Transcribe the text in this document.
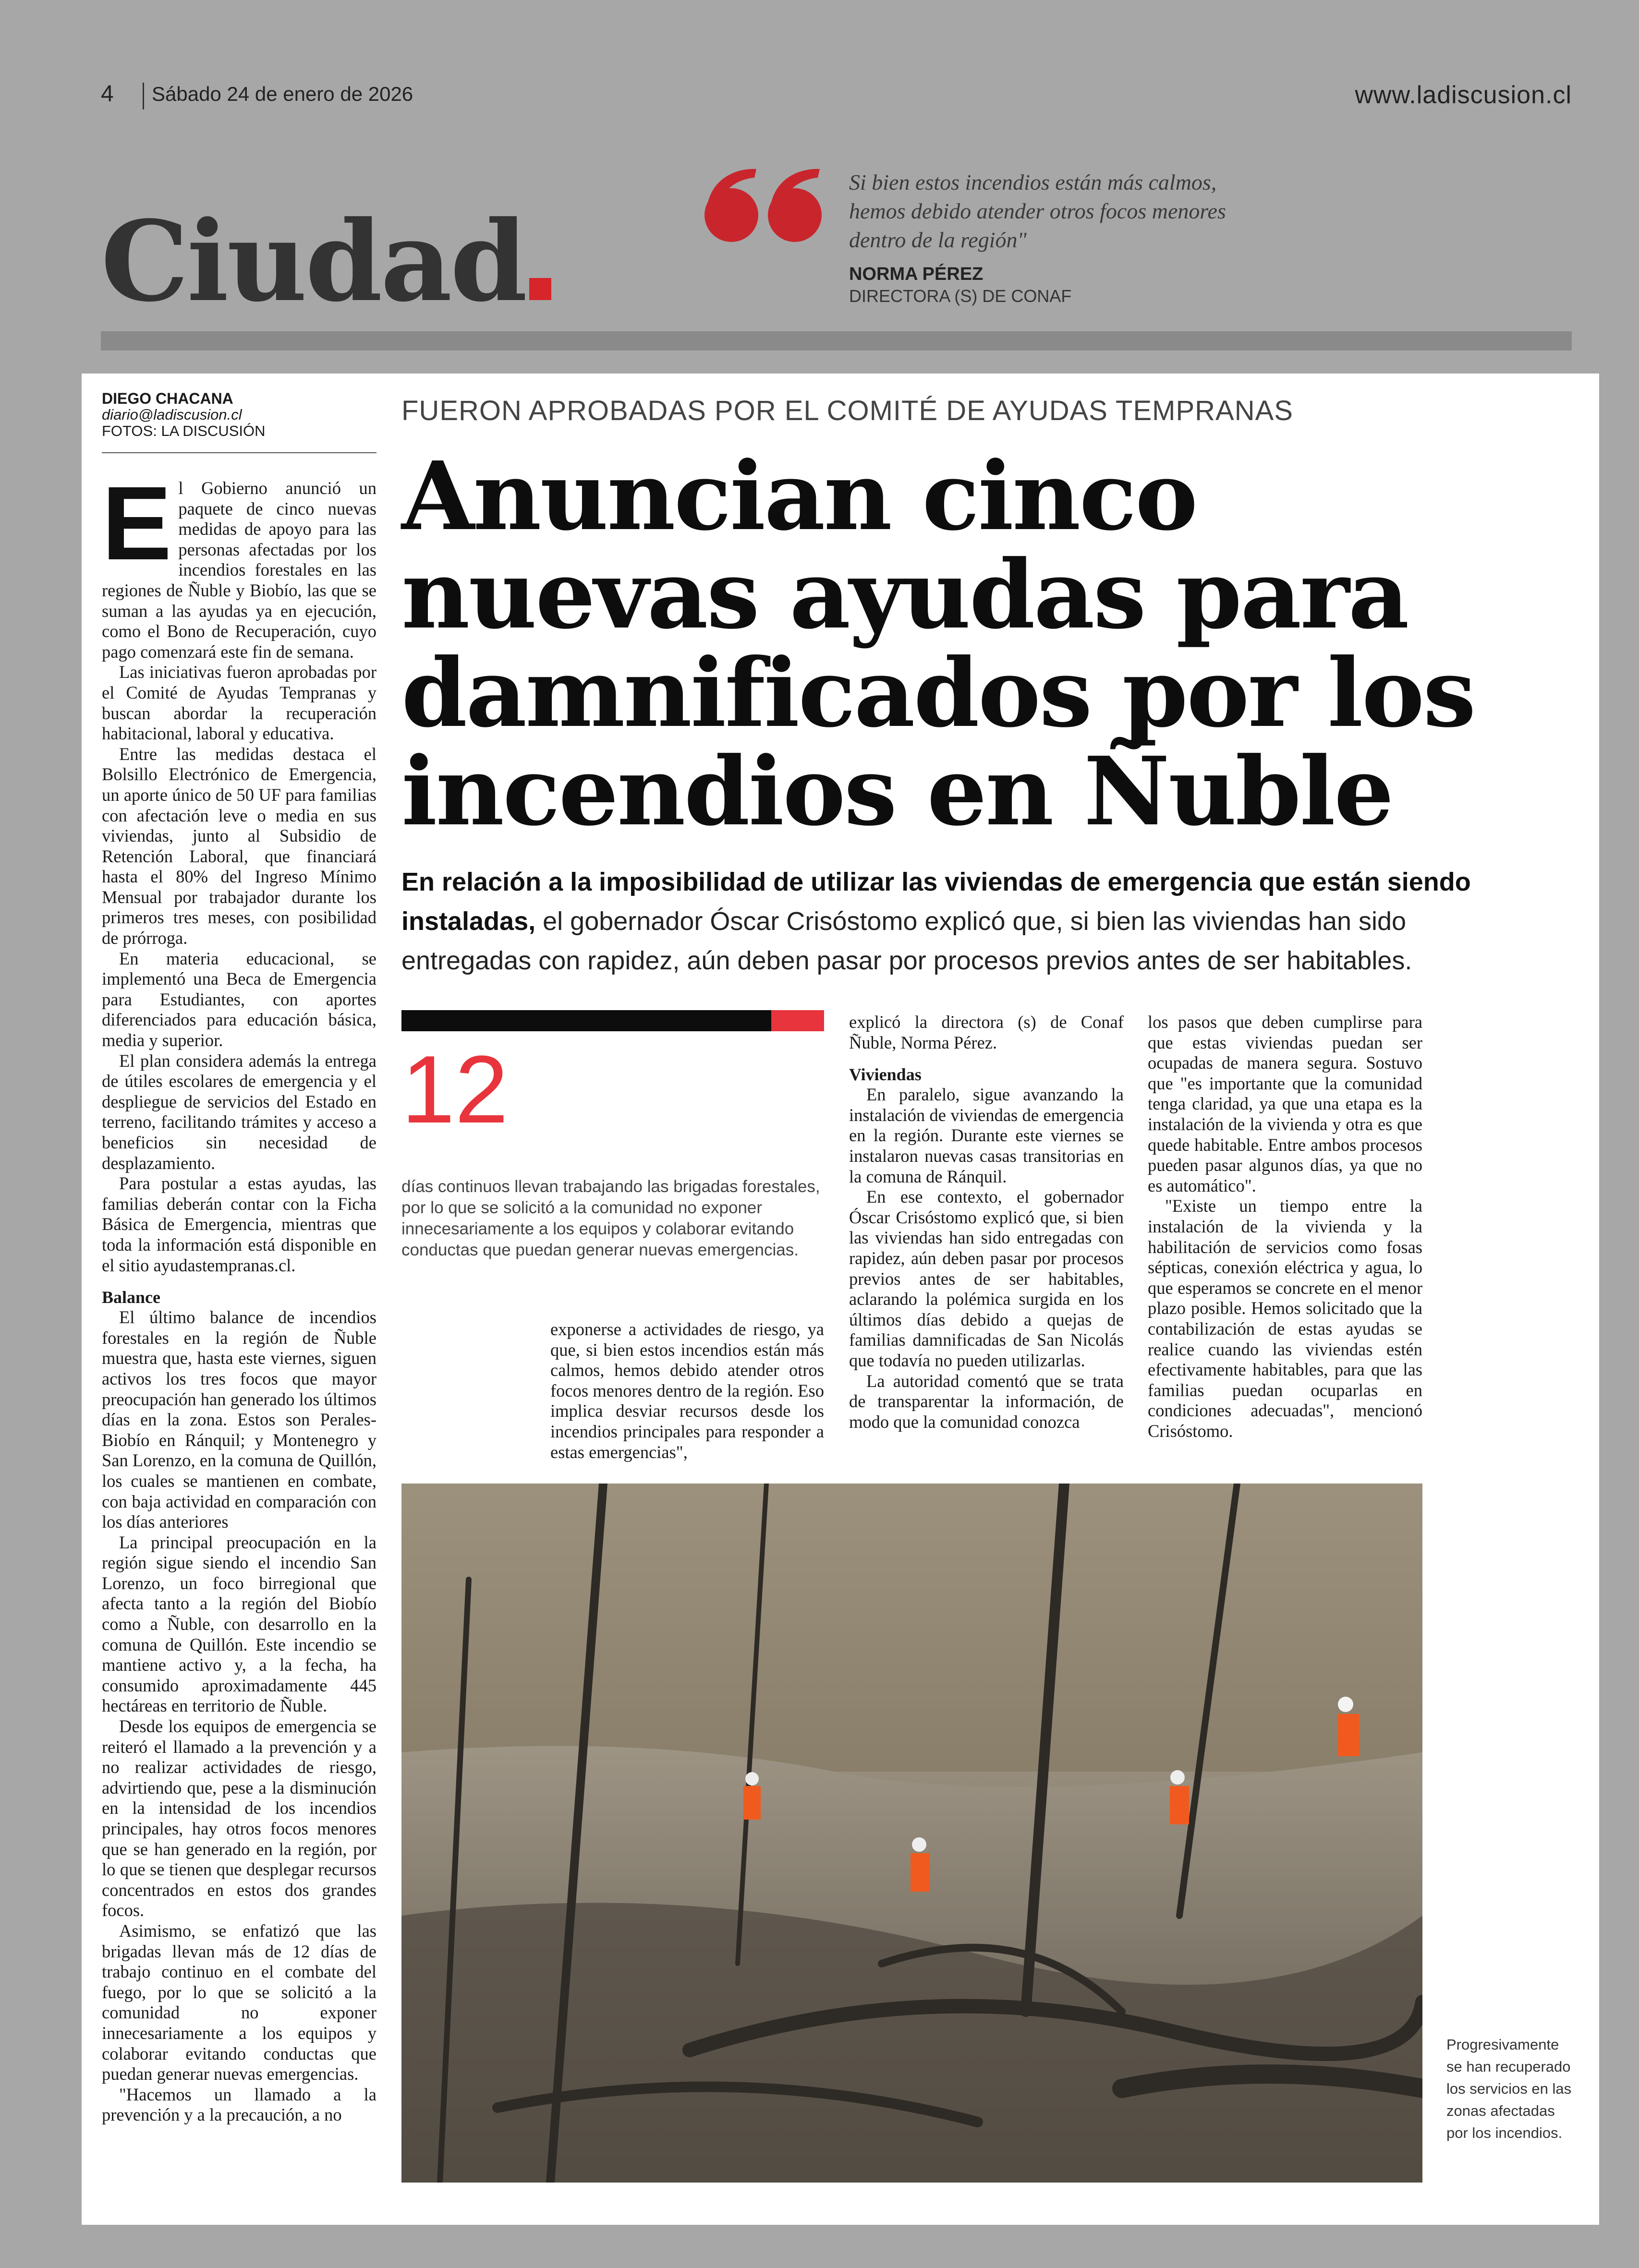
4 Sábado 24 de enero de 2026	www.ladiscusion.cl
Ciudad
Si bien estos incendios están más calmos, hemos debido atender otros focos menores dentro de la región"
NORMA PÉREZ
DIRECTORA (S) DE CONAF
DIEGO CHACANA
diario@ladiscusion.cl
FOTOS: LA DISCUSIÓN
E l Gobierno anunció un paquete de cinco nuevas medidas de apoyo para las personas afectadas por los incendios forestales en las regiones de Ñuble y Biobío, las que se suman a las ayudas ya en ejecución, como el Bono de Recuperación, cuyo pago comenzará este fin de semana.

Las iniciativas fueron aprobadas por el Comité de Ayudas Tempranas y buscan abordar la recuperación habitacional, laboral y educativa.

Entre las medidas destaca el Bolsillo Electrónico de Emergencia, un aporte único de 50 UF para familias con afectación leve o media en sus viviendas, junto al Subsidio de Retención Laboral, que financiará hasta el 80% del Ingreso Mínimo Mensual por trabajador durante los primeros tres meses, con posibilidad de prórroga.

En materia educacional, se implementó una Beca de Emergencia para Estudiantes, con aportes diferenciados para educación básica, media y superior.

El plan considera además la entrega de útiles escolares de emergencia y el despliegue de servicios del Estado en terreno, facilitando trámites y acceso a beneficios sin necesidad de desplazamiento.

Para postular a estas ayudas, las familias deberán contar con la Ficha Básica de Emergencia, mientras que toda la información está disponible en el sitio ayudastempranas.cl.

Balance

El último balance de incendios forestales en la región de Ñuble muestra que, hasta este viernes, siguen activos los tres focos que mayor preocupación han generado los últimos días en la zona. Estos son Perales-Biobío en Ránquil; y Montenegro y San Lorenzo, en la comuna de Quillón, los cuales se mantienen en combate, con baja actividad en comparación con los días anteriores

La principal preocupación en la región sigue siendo el incendio San Lorenzo, un foco birregional que afecta tanto a la región del Biobío como a Ñuble, con desarrollo en la comuna de Quillón. Este incendio se mantiene activo y, a la fecha, ha consumido aproximadamente 445 hectáreas en territorio de Ñuble.

Desde los equipos de emergencia se reiteró el llamado a la prevención y a no realizar actividades de riesgo, advirtiendo que, pese a la disminución en la intensidad de los incendios principales, hay otros focos menores que se han generado en la región, por lo que se tienen que desplegar recursos concentrados en estos dos grandes focos.

Asimismo, se enfatizó que las brigadas llevan más de 12 días de trabajo continuo en el combate del fuego, por lo que se solicitó a la comunidad no exponer innecesariamente a los equipos y colaborar evitando conductas que puedan generar nuevas emergencias.

"Hacemos un llamado a la prevención y a la precaución, a no

FUERON APROBADAS POR EL COMITÉ DE AYUDAS TEMPRANAS
Anuncian cinco nuevas ayudas para damnificados por los incendios en Ñuble
En relación a la imposibilidad de utilizar las viviendas de emergencia que están siendo instaladas, el gobernador Óscar Crisóstomo explicó que, si bien las viviendas han sido entregadas con rapidez, aún deben pasar por procesos previos antes de ser habitables.
12
días continuos llevan trabajando las brigadas forestales, por lo que se solicitó a la comunidad no exponer innecesariamente a los equipos y colaborar evitando conductas que puedan generar nuevas emergencias.

exponerse a actividades de riesgo, ya que, si bien estos incendios están más calmos, hemos debido atender otros focos menores dentro de la región. Eso implica desviar recursos desde los incendios principales para responder a estas emergencias",

explicó la directora (s) de Conaf Ñuble, Norma Pérez.

Viviendas

En paralelo, sigue avanzando la instalación de viviendas de emergencia en la región. Durante este viernes se instalaron nuevas casas transitorias en la comuna de Ránquil.

En ese contexto, el gobernador Óscar Crisóstomo explicó que, si bien las viviendas han sido entregadas con rapidez, aún deben pasar por procesos previos antes de ser habitables, aclarando la polémica surgida en los últimos días debido a quejas de familias damnificadas de San Nicolás que todavía no pueden utilizarlas.

La autoridad comentó que se trata de transparentar la información, de modo que la comunidad conozca

los pasos que deben cumplirse para que estas viviendas puedan ser ocupadas de manera segura. Sostuvo que "es importante que la comunidad tenga claridad, ya que una etapa es la instalación de la vivienda y otra es que quede habitable. Entre ambos procesos pueden pasar algunos días, ya que no es automático".

"Existe un tiempo entre la instalación de la vivienda y la habilitación de servicios como fosas sépticas, conexión eléctrica y agua, lo que esperamos se concrete en el menor plazo posible. Hemos solicitado que la contabilización de estas ayudas se realice cuando las viviendas estén efectivamente habitables, para que las familias puedan ocuparlas en condiciones adecuadas", mencionó Crisóstomo.

Progresivamente se han recuperado los servicios en las zonas afectadas por los incendios.
